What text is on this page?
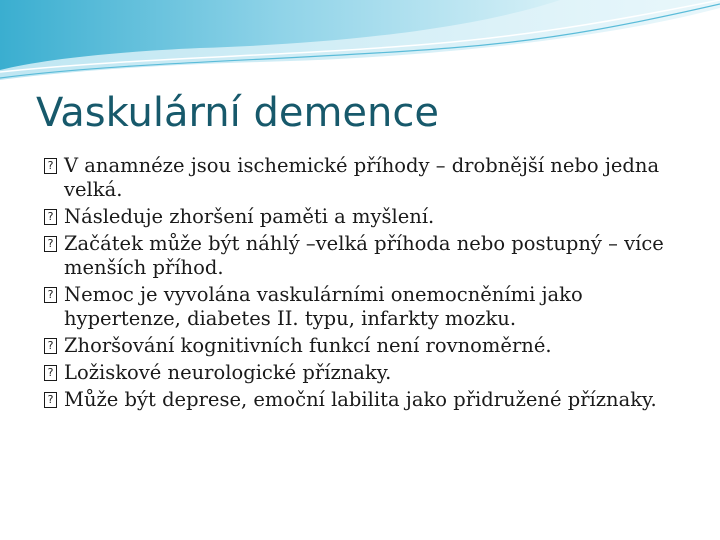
Vaskulární demence
? V anamnéze jsou ischemické příhody – drobnější nebo jedna velká.
? Následuje zhoršení paměti a myšlení.
? Začátek může být náhlý –velká příhoda nebo postupný – více menších příhod.
? Nemoc je vyvolána vaskulárními onemocněními jako hypertenze, diabetes II. typu, infarkty mozku.
? Zhoršování kognitivních funkcí není rovnoměrné.
? Ložiskové neurologické příznaky.
? Může být deprese, emoční labilita jako přidružené příznaky.
